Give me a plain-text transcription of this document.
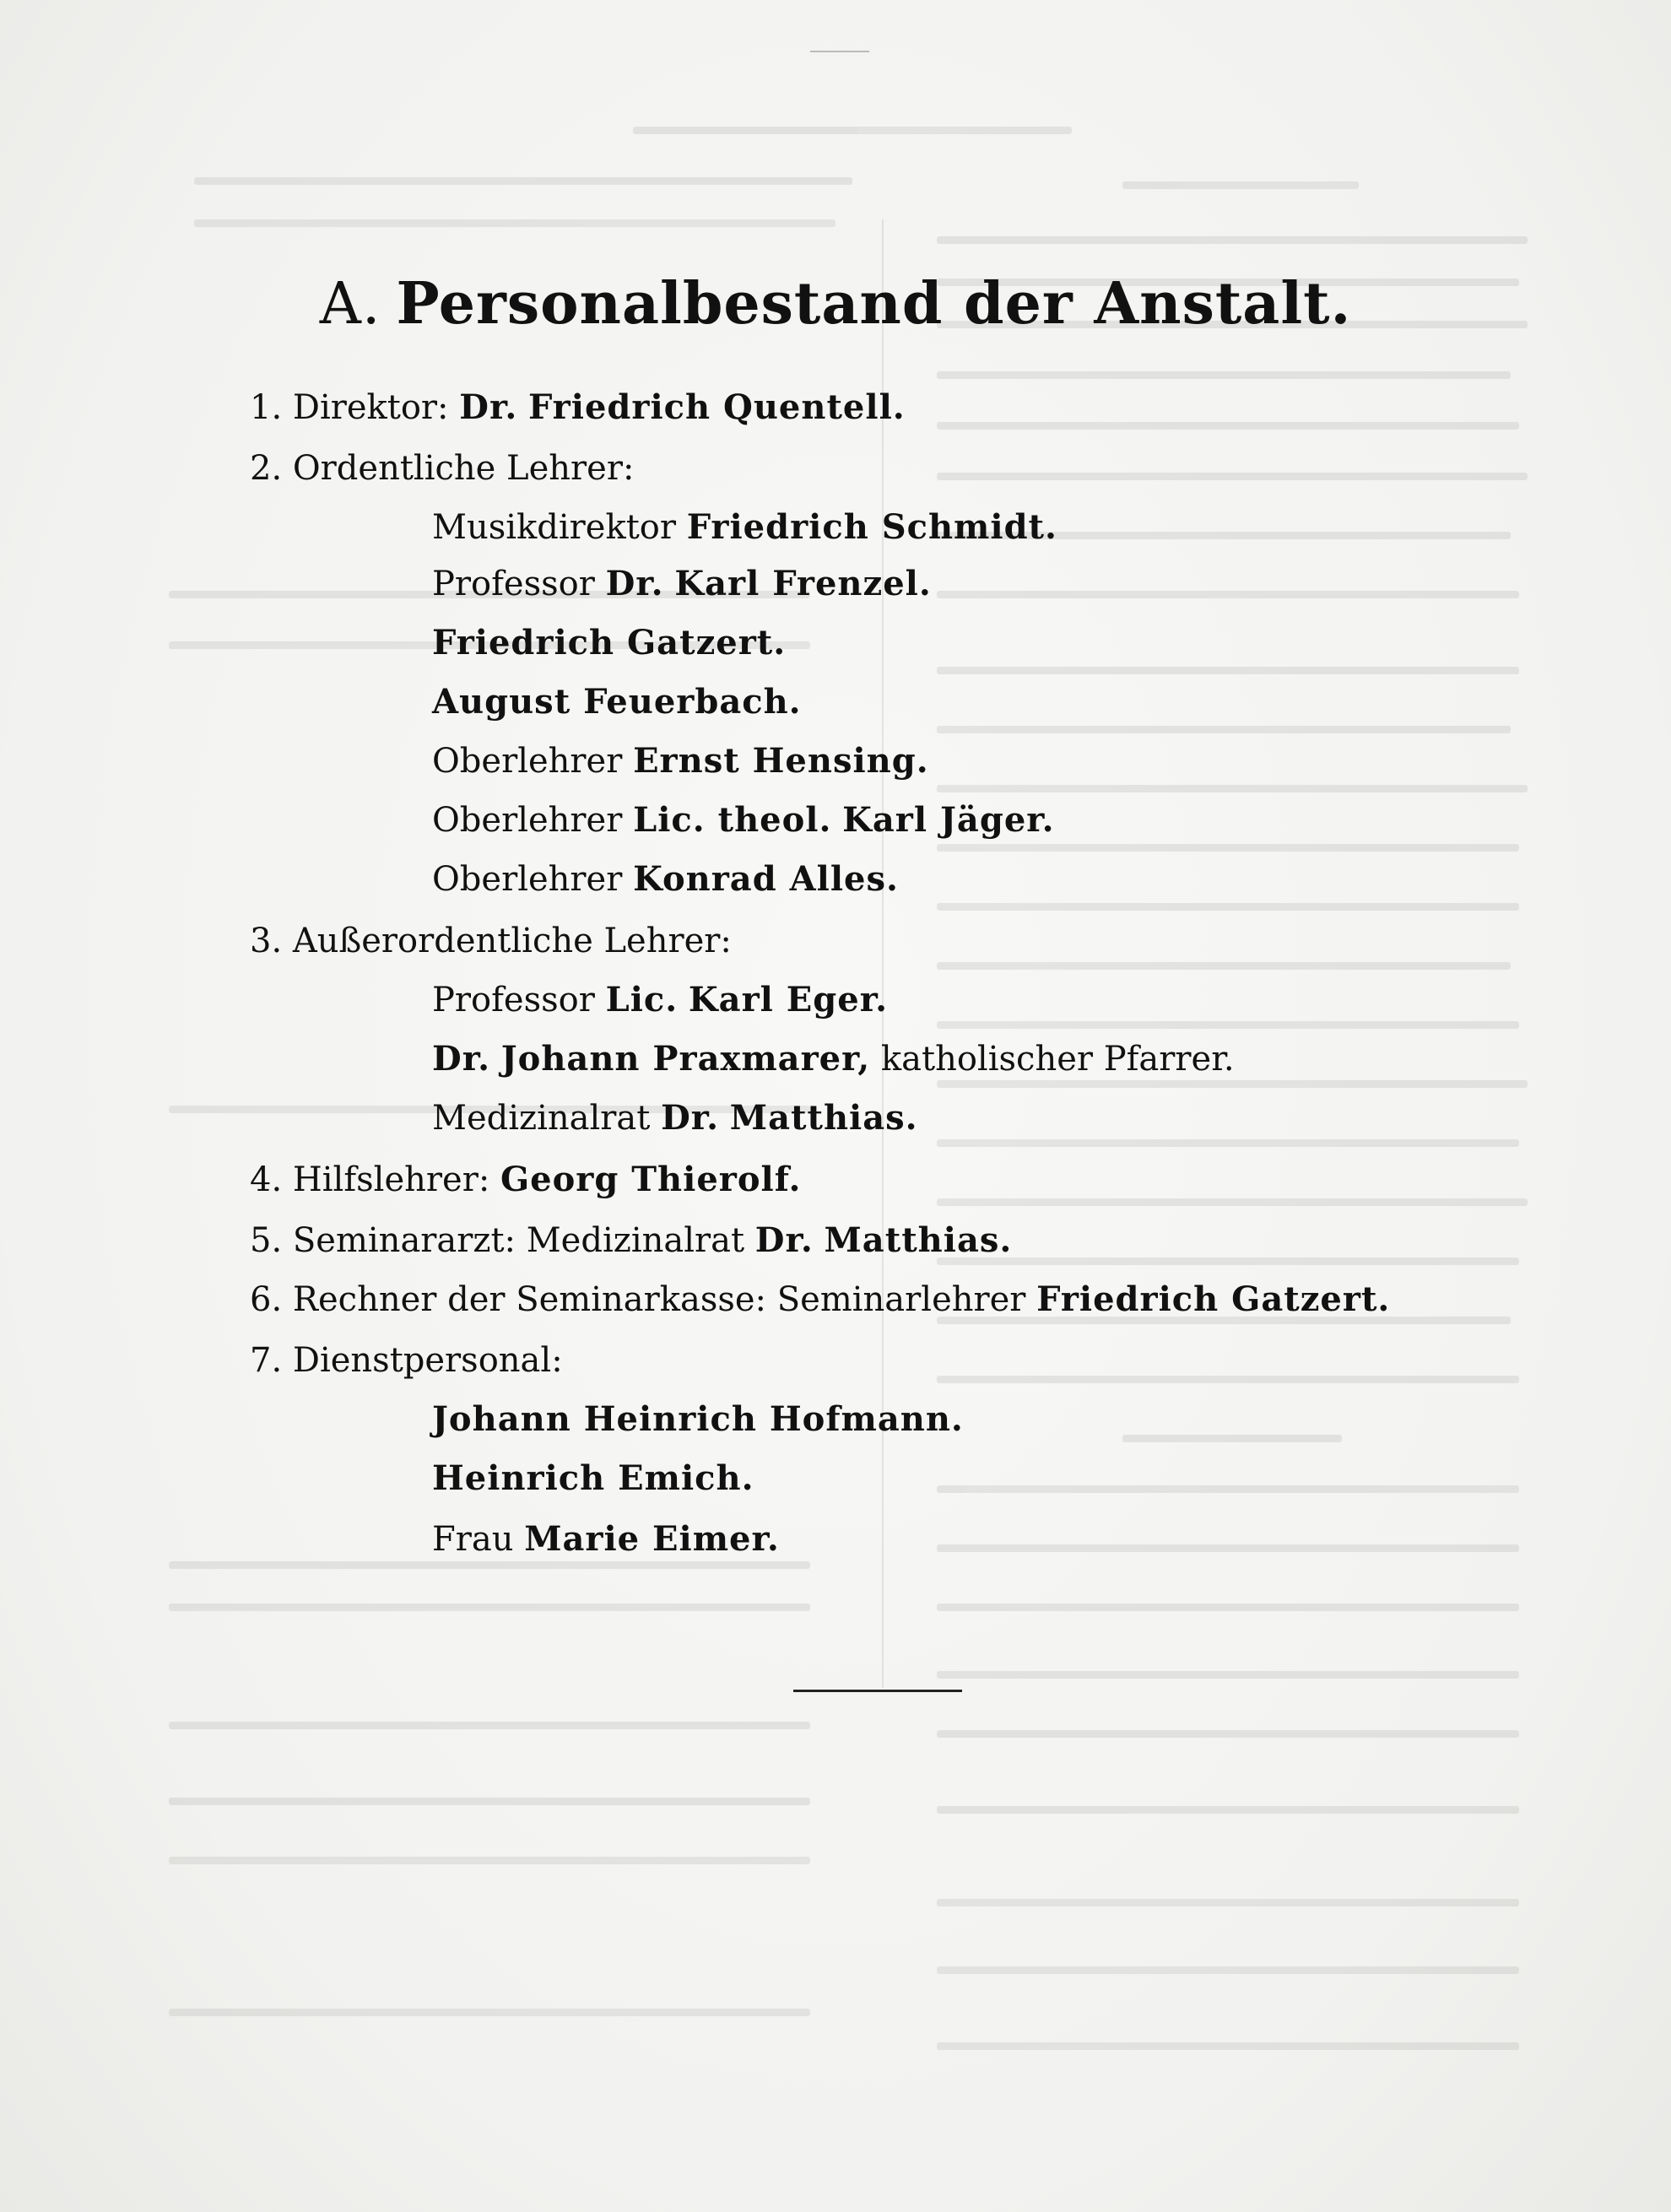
A. Personalbestand der Anstalt.
1. Direktor: Dr. Friedrich Quentell.
2. Ordentliche Lehrer:
Musikdirektor Friedrich Schmidt.
Professor Dr. Karl Frenzel.
Friedrich Gatzert.
August Feuerbach.
Oberlehrer Ernst Hensing.
Oberlehrer Lic. theol. Karl Jäger.
Oberlehrer Konrad Alles.
3. Außerordentliche Lehrer:
Professor Lic. Karl Eger.
Dr. Johann Praxmarer, katholischer Pfarrer.
Medizinalrat Dr. Matthias.
4. Hilfslehrer: Georg Thierolf.
5. Seminararzt: Medizinalrat Dr. Matthias.
6. Rechner der Seminarkasse: Seminarlehrer Friedrich Gatzert.
7. Dienstpersonal:
Johann Heinrich Hofmann.
Heinrich Emich.
Frau Marie Eimer.
